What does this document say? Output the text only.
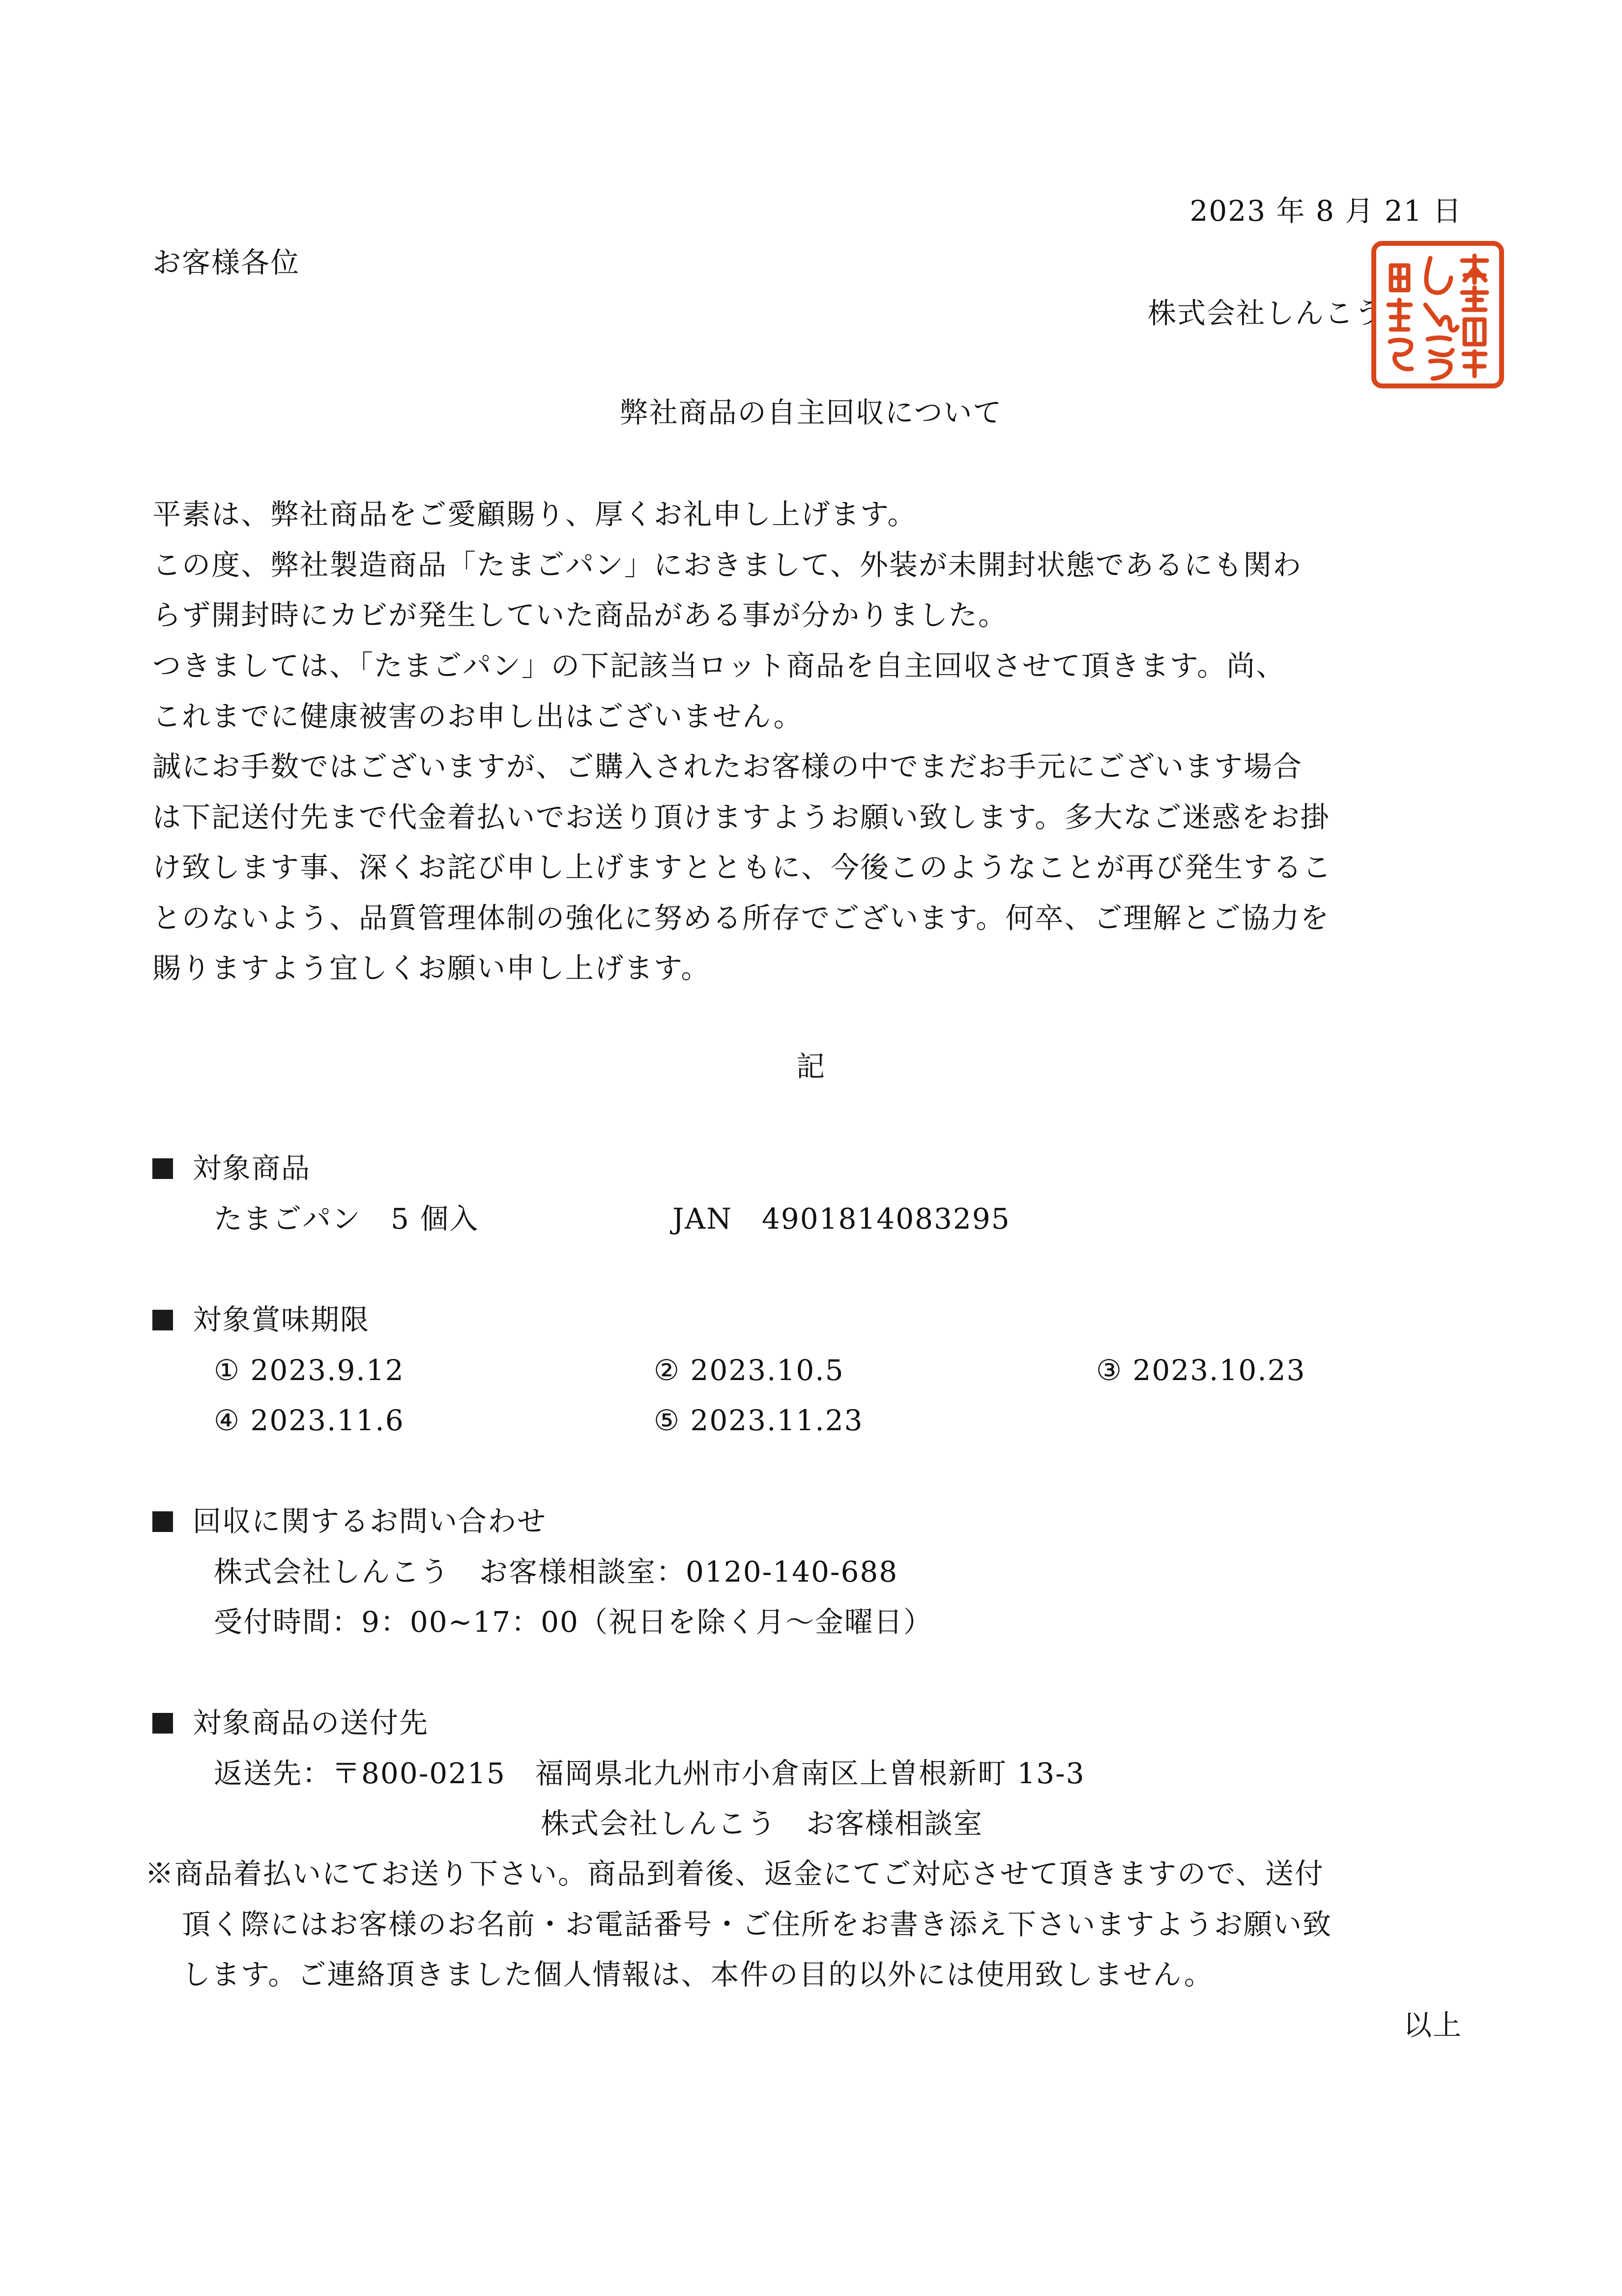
2023 年 8 月 21 日
お客様各位
株式会社しんこう
弊社商品の自主回収について
平素は、弊社商品をご愛顧賜り、厚くお礼申し上げます。
この度、弊社製造商品「たまごパン」におきまして、外装が未開封状態であるにも関わ
らず開封時にカビが発生していた商品がある事が分かりました。
つきましては、「たまごパン」の下記該当ロット商品を自主回収させて頂きます。尚、
これまでに健康被害のお申し出はございません。
誠にお手数ではございますが、ご購入されたお客様の中でまだお手元にございます場合
は下記送付先まで代金着払いでお送り頂けますようお願い致します。多大なご迷惑をお掛
け致します事、深くお詫び申し上げますとともに、今後このようなことが再び発生するこ
とのないよう、品質管理体制の強化に努める所存でございます。何卒、ご理解とご協力を
賜りますよう宜しくお願い申し上げます。
記
対象商品
たまごパン　5 個入	JAN　4901814083295
対象賞味期限
① 2023.9.12	② 2023.10.5	③ 2023.10.23
④ 2023.11.6	⑤ 2023.11.23
回収に関するお問い合わせ
株式会社しんこう　お客様相談室：0120-140-688
受付時間：9：00~17：00（祝日を除く月～金曜日）
対象商品の送付先
返送先：〒800-0215　福岡県北九州市小倉南区上曽根新町 13-3
株式会社しんこう　お客様相談室
※商品着払いにてお送り下さい。商品到着後、返金にてご対応させて頂きますので、送付
頂く際にはお客様のお名前・お電話番号・ご住所をお書き添え下さいますようお願い致
します。ご連絡頂きました個人情報は、本件の目的以外には使用致しません。
以上
